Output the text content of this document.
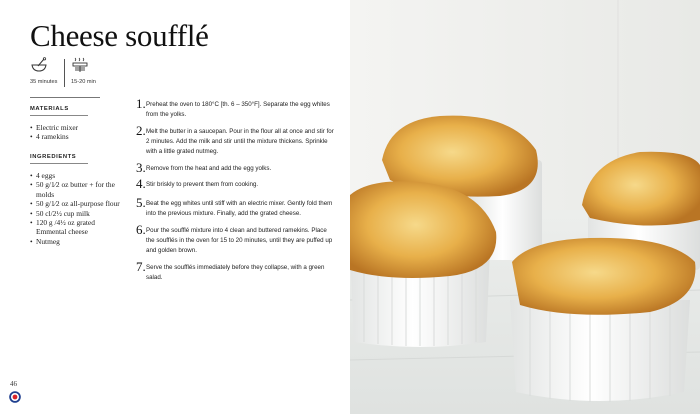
Cheese soufflé
35 minutes 15-20 min
MATERIALS
• Electric mixer
• 4 ramekins
INGREDIENTS
• 4 eggs
• 50 g/1⁄2 oz butter + for the molds
• 50 g/1⁄2 oz all-purpose flour
• 50 cl/2½ cup milk
• 120 g /4½ oz grated Emmental cheese
• Nutmeg
1. Preheat the oven to 180°C [th. 6 – 350°F]. Separate the egg whites from the yolks.
2. Melt the butter in a saucepan. Pour in the flour all at once and stir for 2 minutes. Add the milk and stir until the mixture thickens. Sprinkle with a little grated nutmeg.
3. Remove from the heat and add the egg yolks.
4. Stir briskly to prevent them from cooking.
5. Beat the egg whites until stiff with an electric mixer. Gently fold them into the previous mixture. Finally, add the grated cheese.
6. Pour the soufflé mixture into 4 clean and buttered ramekins. Place the soufflés in the oven for 15 to 20 minutes, until they are puffed up and golden brown.
7. Serve the soufflés immediately before they collapse, with a green salad.
46
